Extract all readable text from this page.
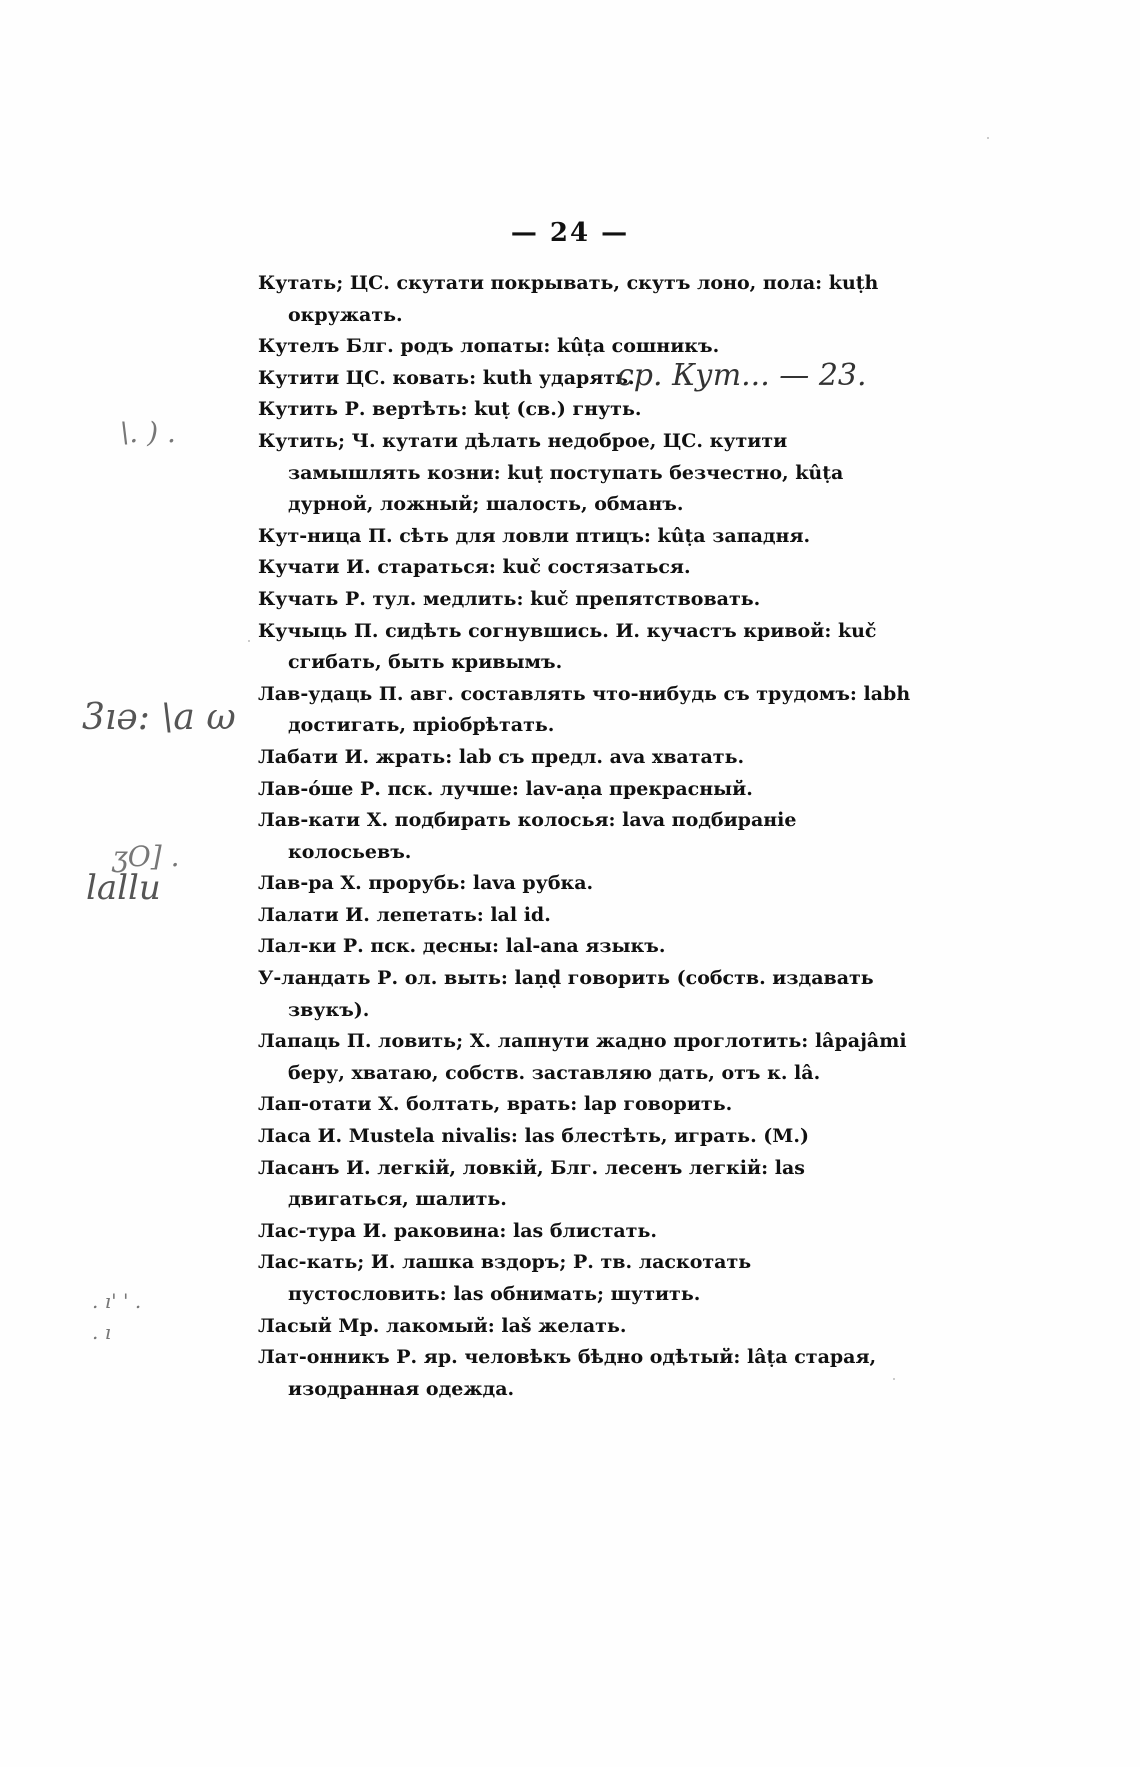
— 24 —

Кутать; ЦС. скутати покрывать, скутъ лоно, пола: kuṭh окружать.

Кутелъ Блг. родъ лопаты: kûṭa сошникъ.

Кутити ЦС. ковать: kuth ударять.

Кутить Р. вертѣть: kuṭ (св.) гнуть.

Кутить; Ч. кутати дѣлать недоброе, ЦС. кутити замышлять козни: kuṭ поступать безчестно, kûṭa дурной, ложный; шалость, обманъ.

Кут-ница П. сѣть для ловли птицъ: kûṭa западня.

Кучати И. стараться: kuč состязаться.

Кучать Р. тул. медлить: kuč препятствовать.

Кучыць П. сидѣть согнувшись. И. кучастъ кривой: kuč сгибать, быть кривымъ.

Лав-удаць П. авг. составлять что-нибудь съ трудомъ: labh достигать, пріобрѣтать.

Лабати И. жрать: lab съ предл. ava хватать.

Лав-óше Р. пск. лучше: lav-aṇa прекрасный.

Лав-кати Х. подбирать колосья: lava подбираніе колосьевъ.

Лав-ра Х. прорубь: lava рубка.

Лалати И. лепетать: lal id.

Лал-ки Р. пск. десны: lal-ana языкъ.

У-ландать Р. ол. выть: laṇḍ говорить (собств. издавать звукъ).

Лапаць П. ловить; Х. лапнути жадно проглотить: lâpajâmi беру, хватаю, собств. заставляю дать, отъ к. lâ.

Лап-отати Х. болтать, врать: lap говорить.

Ласа И. Mustela nivalis: las блестѣть, играть. (М.)

Ласанъ И. легкій, ловкій, Блг. лесенъ легкій: las двигаться, шалить.

Лас-тура И. раковина: las блистать.

Лас-кать; И. лашка вздоръ; Р. тв. ласкотать пустословить: las обнимать; шутить.

Ласый Мр. лакомый: laš желать.

Лат-онникъ Р. яр. человѣкъ бѣдно одѣтый: lâṭa старая, изодранная одежда.

ср. Кут... — 23.
\. ) .
3ıə: \a ω
ʒO] .
lallu
. ı' ' .
. ı
